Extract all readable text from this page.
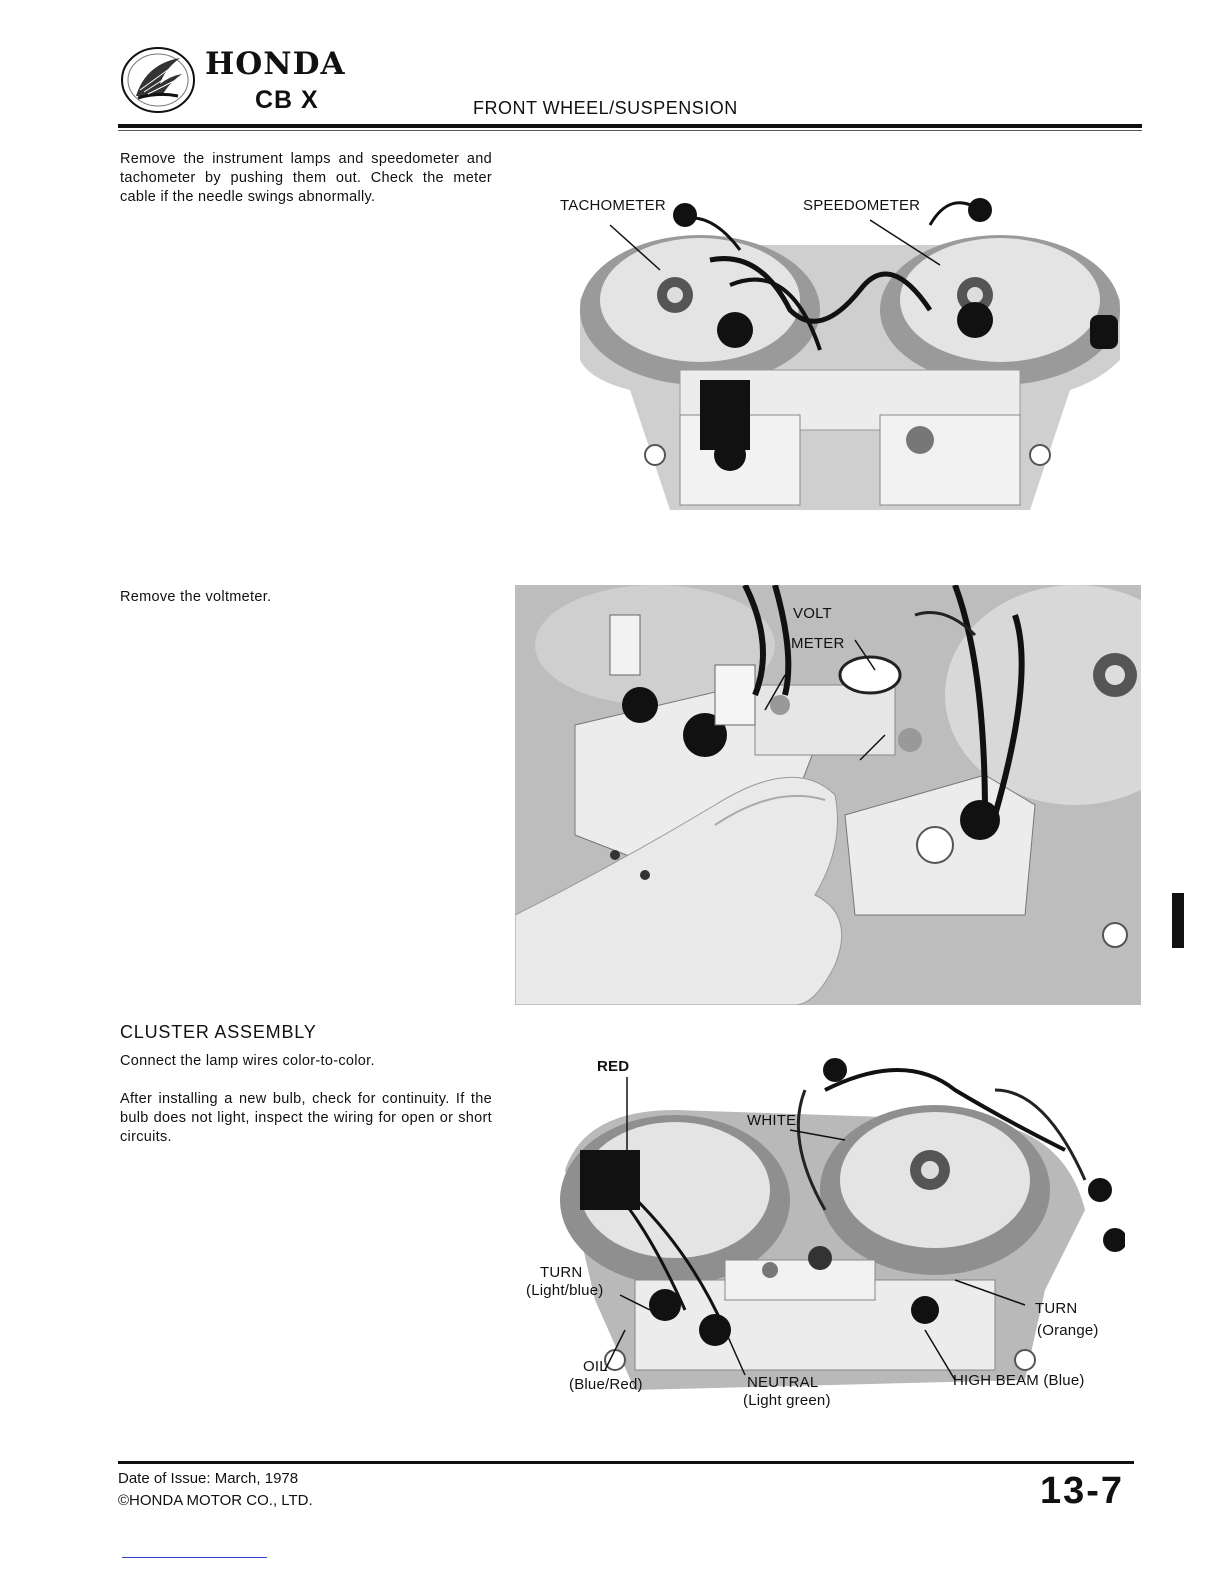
HONDA
CB X	FRONT WHEEL/SUSPENSION
Remove the instrument lamps and speedometer and tachometer by pushing them out. Check the meter cable if the needle swings abnormally.
Remove the voltmeter.
CLUSTER ASSEMBLY
Connect the lamp wires color-to-color.
After installing a new bulb, check for continuity. If the bulb does not light, inspect the wiring for open or short circuits.
TACHOMETER	SPEEDOMETER
VOLT
METER
RED
WHITE
TURN
(Light/blue)
TURN
(Orange)
OIL
(Blue/Red)	NEUTRAL
(Light green)
HIGH BEAM (Blue)
Date of Issue: March, 1978
©HONDA MOTOR CO., LTD.	13-7
